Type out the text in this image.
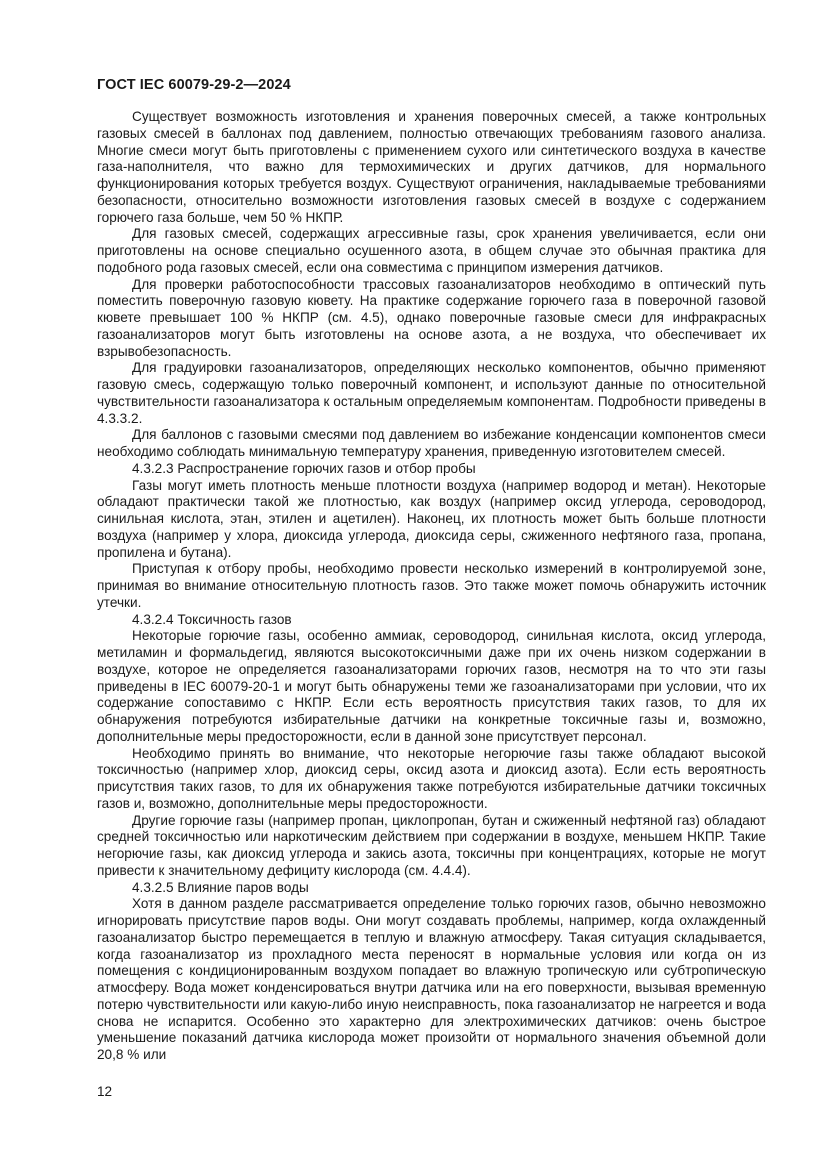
ГОСТ IEC 60079-29-2—2024

Существует возможность изготовления и хранения поверочных смесей, а также контрольных газовых смесей в баллонах под давлением, полностью отвечающих требованиям газового анализа. Многие смеси могут быть приготовлены с применением сухого или синтетического воздуха в качестве газа-наполнителя, что важно для термохимических и других датчиков, для нормального функционирования которых требуется воздух. Существуют ограничения, накладываемые требованиями безопасности, относительно возможности изготовления газовых смесей в воздухе с содержанием горючего газа больше, чем 50 % НКПР.

Для газовых смесей, содержащих агрессивные газы, срок хранения увеличивается, если они приготовлены на основе специально осушенного азота, в общем случае это обычная практика для подобного рода газовых смесей, если она совместима с принципом измерения датчиков.

Для проверки работоспособности трассовых газоанализаторов необходимо в оптический путь поместить поверочную газовую кювету. На практике содержание горючего газа в поверочной газовой кювете превышает 100 % НКПР (см. 4.5), однако поверочные газовые смеси для инфракрасных газоанализаторов могут быть изготовлены на основе азота, а не воздуха, что обеспечивает их взрывобезопасность.

Для градуировки газоанализаторов, определяющих несколько компонентов, обычно применяют газовую смесь, содержащую только поверочный компонент, и используют данные по относительной чувствительности газоанализатора к остальным определяемым компонентам. Подробности приведены в 4.3.3.2.

Для баллонов с газовыми смесями под давлением во избежание конденсации компонентов смеси необходимо соблюдать минимальную температуру хранения, приведенную изготовителем смесей.

4.3.2.3 Распространение горючих газов и отбор пробы

Газы могут иметь плотность меньше плотности воздуха (например водород и метан). Некоторые обладают практически такой же плотностью, как воздух (например оксид углерода, сероводород, синильная кислота, этан, этилен и ацетилен). Наконец, их плотность может быть больше плотности воздуха (например у хлора, диоксида углерода, диоксида серы, сжиженного нефтяного газа, пропана, пропилена и бутана).

Приступая к отбору пробы, необходимо провести несколько измерений в контролируемой зоне, принимая во внимание относительную плотность газов. Это также может помочь обнаружить источник утечки.

4.3.2.4 Токсичность газов

Некоторые горючие газы, особенно аммиак, сероводород, синильная кислота, оксид углерода, метиламин и формальдегид, являются высокотоксичными даже при их очень низком содержании в воздухе, которое не определяется газоанализаторами горючих газов, несмотря на то что эти газы приведены в IEC 60079-20-1 и могут быть обнаружены теми же газоанализаторами при условии, что их содержание сопоставимо с НКПР. Если есть вероятность присутствия таких газов, то для их обнаружения потребуются избирательные датчики на конкретные токсичные газы и, возможно, дополнительные меры предосторожности, если в данной зоне присутствует персонал.

Необходимо принять во внимание, что некоторые негорючие газы также обладают высокой токсичностью (например хлор, диоксид серы, оксид азота и диоксид азота). Если есть вероятность присутствия таких газов, то для их обнаружения также потребуются избирательные датчики токсичных газов и, возможно, дополнительные меры предосторожности.

Другие горючие газы (например пропан, циклопропан, бутан и сжиженный нефтяной газ) обладают средней токсичностью или наркотическим действием при содержании в воздухе, меньшем НКПР. Такие негорючие газы, как диоксид углерода и закись азота, токсичны при концентрациях, которые не могут привести к значительному дефициту кислорода (см. 4.4.4).

4.3.2.5 Влияние паров воды

Хотя в данном разделе рассматривается определение только горючих газов, обычно невозможно игнорировать присутствие паров воды. Они могут создавать проблемы, например, когда охлажденный газоанализатор быстро перемещается в теплую и влажную атмосферу. Такая ситуация складывается, когда газоанализатор из прохладного места переносят в нормальные условия или когда он из помещения с кондиционированным воздухом попадает во влажную тропическую или субтропическую атмосферу. Вода может конденсироваться внутри датчика или на его поверхности, вызывая временную потерю чувствительности или какую-либо иную неисправность, пока газоанализатор не нагреется и вода снова не испарится. Особенно это характерно для электрохимических датчиков: очень быстрое уменьшение показаний датчика кислорода может произойти от нормального значения объемной доли 20,8 % или

12
